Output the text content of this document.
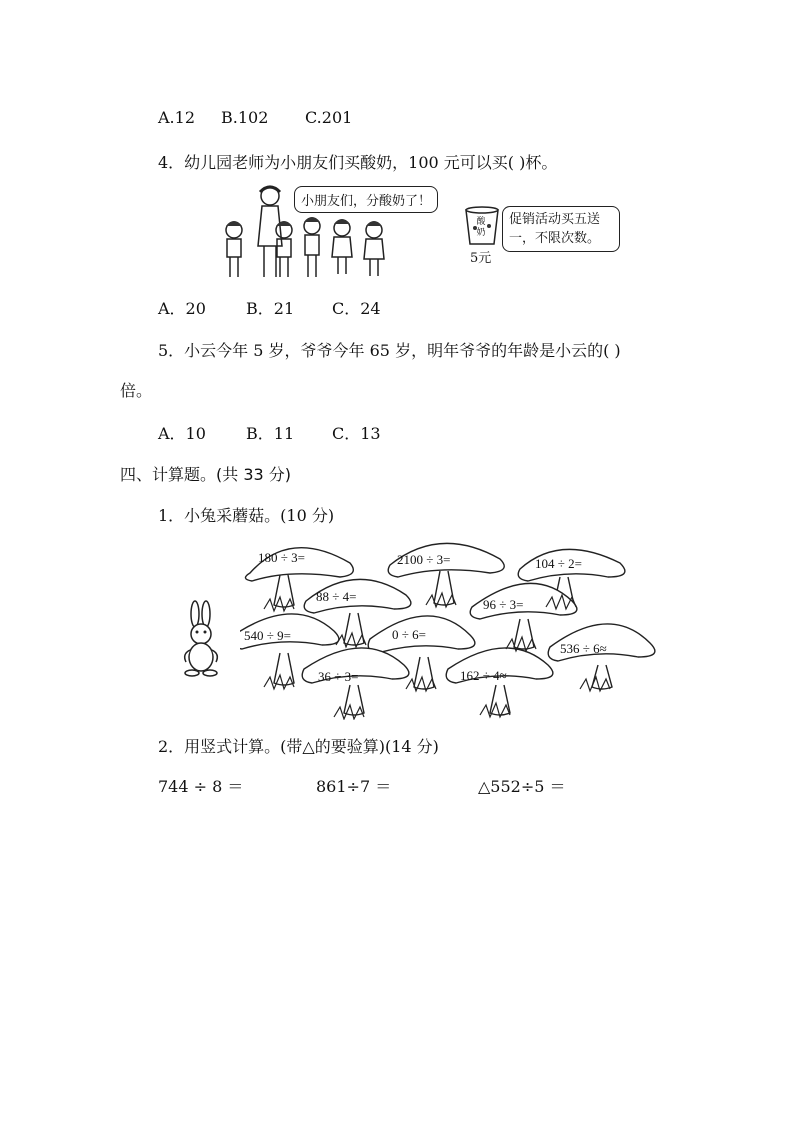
A.12 B.102 C.201
4．幼儿园老师为小朋友们买酸奶，100 元可以买( )杯。
小朋友们，分酸奶了！
酸奶
5元
促销活动买五送一，不限次数。
A．20	B．21 C．24
5．小云今年 5 岁，爷爷今年 65 岁，明年爷爷的年龄是小云的( )
倍。
A．10	B．11 C．13
四、计算题。(共 33 分)
1．小兔采蘑菇。(10 分)
180 ÷ 3=	2100 ÷ 3=	104 ÷ 2=
88 ÷ 4=
96 ÷ 3=
540 ÷ 9=	0 ÷ 6=
536 ÷ 6≈
36 ÷ 3=	162 ÷ 4≈
2．用竖式计算。(带△的要验算)(14 分)
744 ÷ 8 ＝	861÷7 ＝	△552÷5 ＝
